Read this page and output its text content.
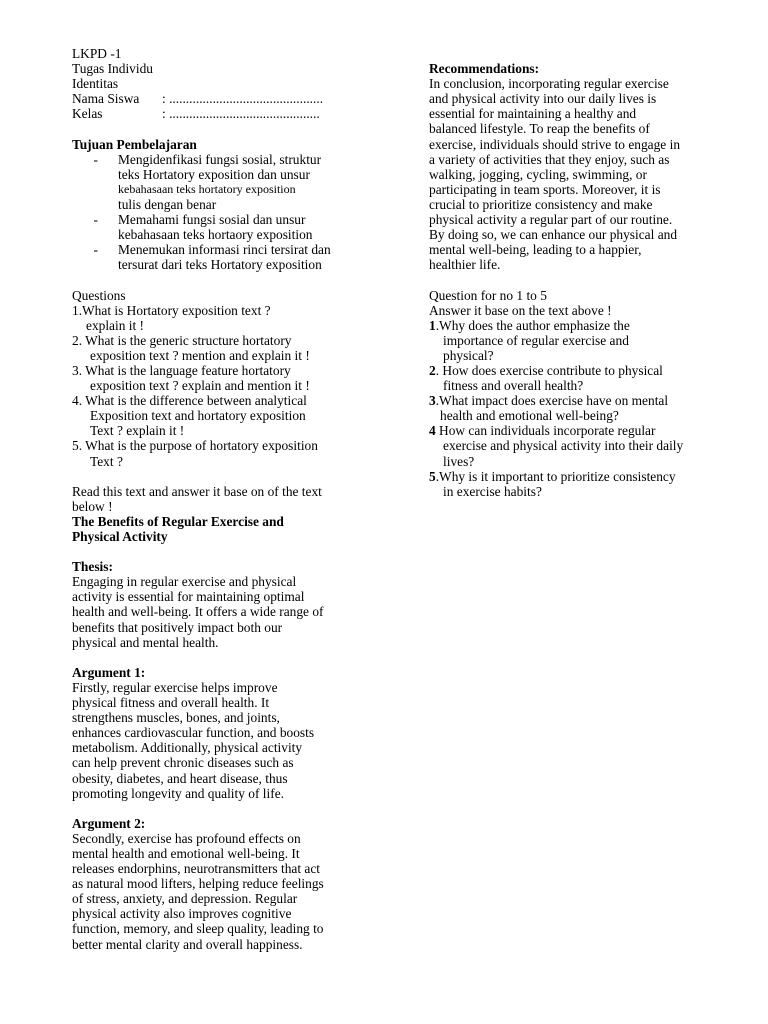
LKPD -1

Tugas Individu

Identitas

Nama Siswa	: ..............................................
Kelas	: .............................................

Tujuan Pembelajaran

-	Mengidenfikasi fungsi sosial, struktur
teks Hortatory exposition dan unsur
kebahasaan teks hortatory exposition
tulis dengan benar
-	Memahami fungsi sosial dan unsur
kebahasaan teks hortaory exposition
-	Menemukan informasi rinci tersirat dan
tersurat dari teks Hortatory exposition

Questions

1.What is Hortatory exposition text ?

explain it !

2. What is the generic structure hortatory

exposition text ? mention and explain it !

3. What is the language feature hortatory

exposition text ? explain and mention it !

4. What is the difference between analytical

Exposition text and hortatory exposition

Text ? explain it !

5. What is the purpose of hortatory exposition

Text ?

Read this text and answer it base on of the text

below !

The Benefits of Regular Exercise and

Physical Activity

Thesis:

Engaging in regular exercise and physical

activity is essential for maintaining optimal

health and well-being. It offers a wide range of

benefits that positively impact both our

physical and mental health.

Argument 1:

Firstly, regular exercise helps improve

physical fitness and overall health. It

strengthens muscles, bones, and joints,

enhances cardiovascular function, and boosts

metabolism. Additionally, physical activity

can help prevent chronic diseases such as

obesity, diabetes, and heart disease, thus

promoting longevity and quality of life.

Argument 2:

Secondly, exercise has profound effects on

mental health and emotional well-being. It

releases endorphins, neurotransmitters that act

as natural mood lifters, helping reduce feelings

of stress, anxiety, and depression. Regular

physical activity also improves cognitive

function, memory, and sleep quality, leading to

better mental clarity and overall happiness.

Recommendations:

In conclusion, incorporating regular exercise

and physical activity into our daily lives is

essential for maintaining a healthy and

balanced lifestyle. To reap the benefits of

exercise, individuals should strive to engage in

a variety of activities that they enjoy, such as

walking, jogging, cycling, swimming, or

participating in team sports. Moreover, it is

crucial to prioritize consistency and make

physical activity a regular part of our routine.

By doing so, we can enhance our physical and

mental well-being, leading to a happier,

healthier life.

Question for no 1 to 5

Answer it base on the text above !

1.Why does the author emphasize the

importance of regular exercise and

physical?

2. How does exercise contribute to physical

fitness and overall health?

3.What impact does exercise have on mental

health and emotional well-being?

4 How can individuals incorporate regular

exercise and physical activity into their daily

lives?

5.Why is it important to prioritize consistency

in exercise habits?
